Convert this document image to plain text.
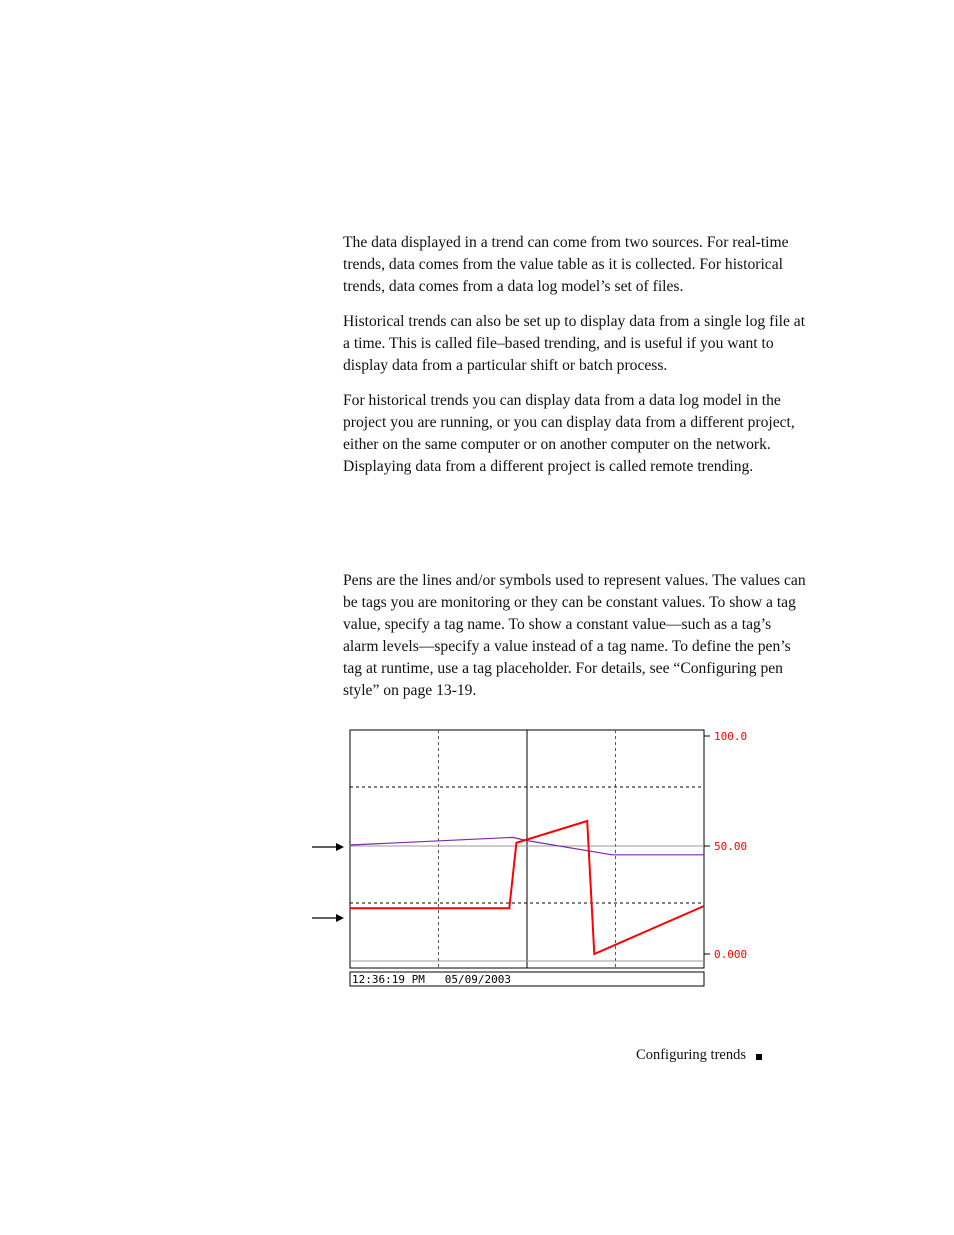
The data displayed in a trend can come from two sources. For real-time trends, data comes from the value table as it is collected. For historical trends, data comes from a data log model’s set of files.

Historical trends can also be set up to display data from a single log file at a time. This is called file–based trending, and is useful if you want to display data from a particular shift or batch process.

For historical trends you can display data from a data log model in the project you are running, or you can display data from a different project, either on the same computer or on another computer on the network. Displaying data from a different project is called remote trending.

Pens are the lines and/or symbols used to represent values. The values can be tags you are monitoring or they can be constant values. To show a tag value, specify a tag name. To show a constant value—such as a tag’s alarm levels—specify a value instead of a tag name. To define the pen’s tag at runtime, use a tag placeholder. For details, see “Configuring pen style” on page 13-19.

100.0
50.00
0.000
12:36:19 PM   05/09/2003
Configuring trends
